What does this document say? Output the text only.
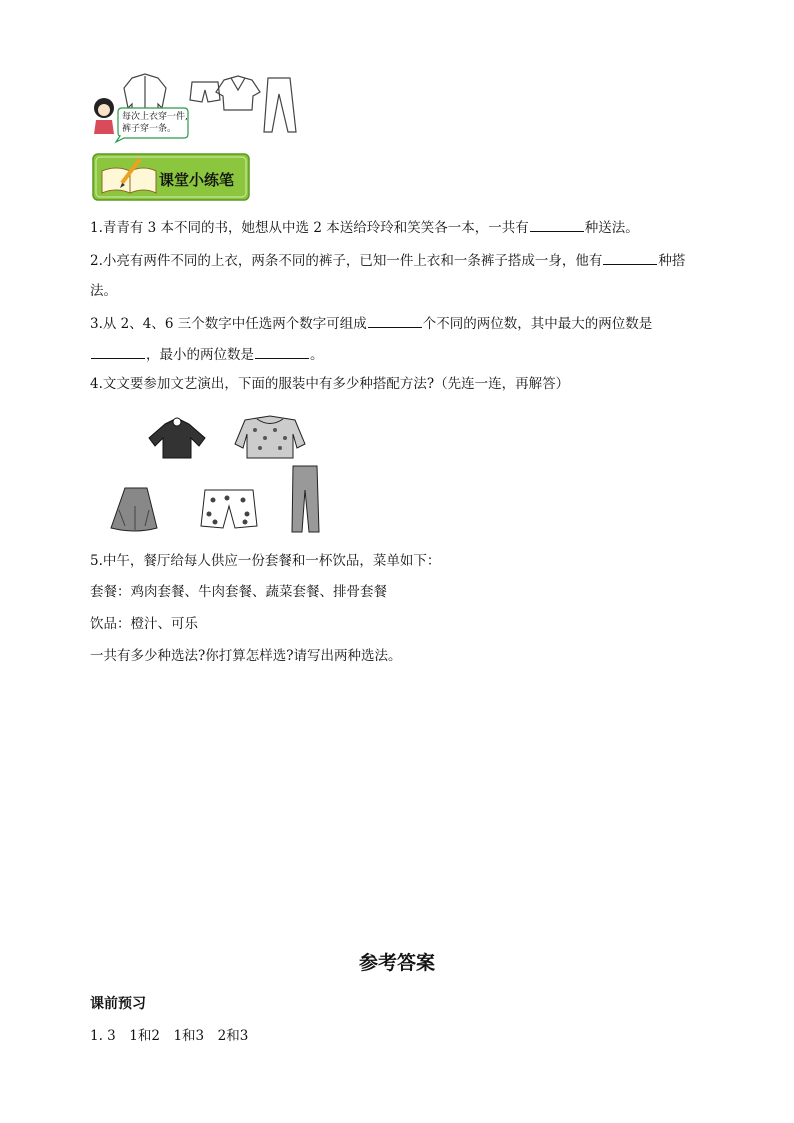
每次上衣穿一件,
裤子穿一条。
课堂小练笔
1.青青有 3 本不同的书，她想从中选 2 本送给玲玲和笑笑各一本，一共有	种送法。
2.小亮有两件不同的上衣，两条不同的裤子，已知一件上衣和一条裤子搭成一身，他有	种搭
法。
3.从 2、4、6 三个数字中任选两个数字可组成	个不同的两位数，其中最大的两位数是
，最小的两位数是	。
4.文文要参加文艺演出，下面的服装中有多少种搭配方法?（先连一连，再解答）
5.中午，餐厅给每人供应一份套餐和一杯饮品，菜单如下：
套餐：鸡肉套餐、牛肉套餐、蔬菜套餐、排骨套餐
饮品：橙汁、可乐
一共有多少种选法?你打算怎样选?请写出两种选法。
参考答案
课前预习
1. 3　1和2　1和3　2和3
